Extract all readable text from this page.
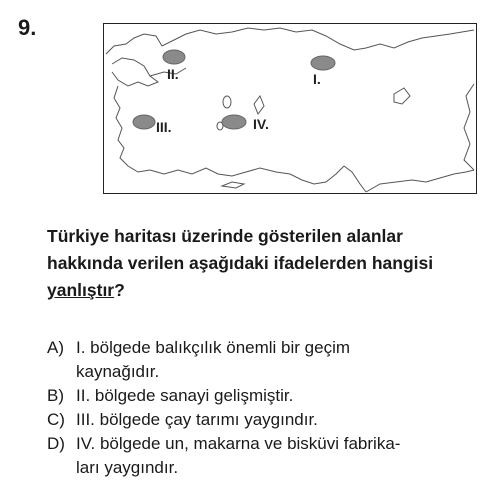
9.
I.
II.
III.	IV.
Türkiye haritası üzerinde gösterilen alanlar hakkında verilen aşağıdaki ifadelerden hangisi yanlıştır?
A) I. bölgede balıkçılık önemli bir geçim
kaynağıdır.
B) II. bölgede sanayi gelişmiştir.
C) III. bölgede çay tarımı yaygındır.
D) IV. bölgede un, makarna ve bisküvi fabrika-
ları yaygındır.
